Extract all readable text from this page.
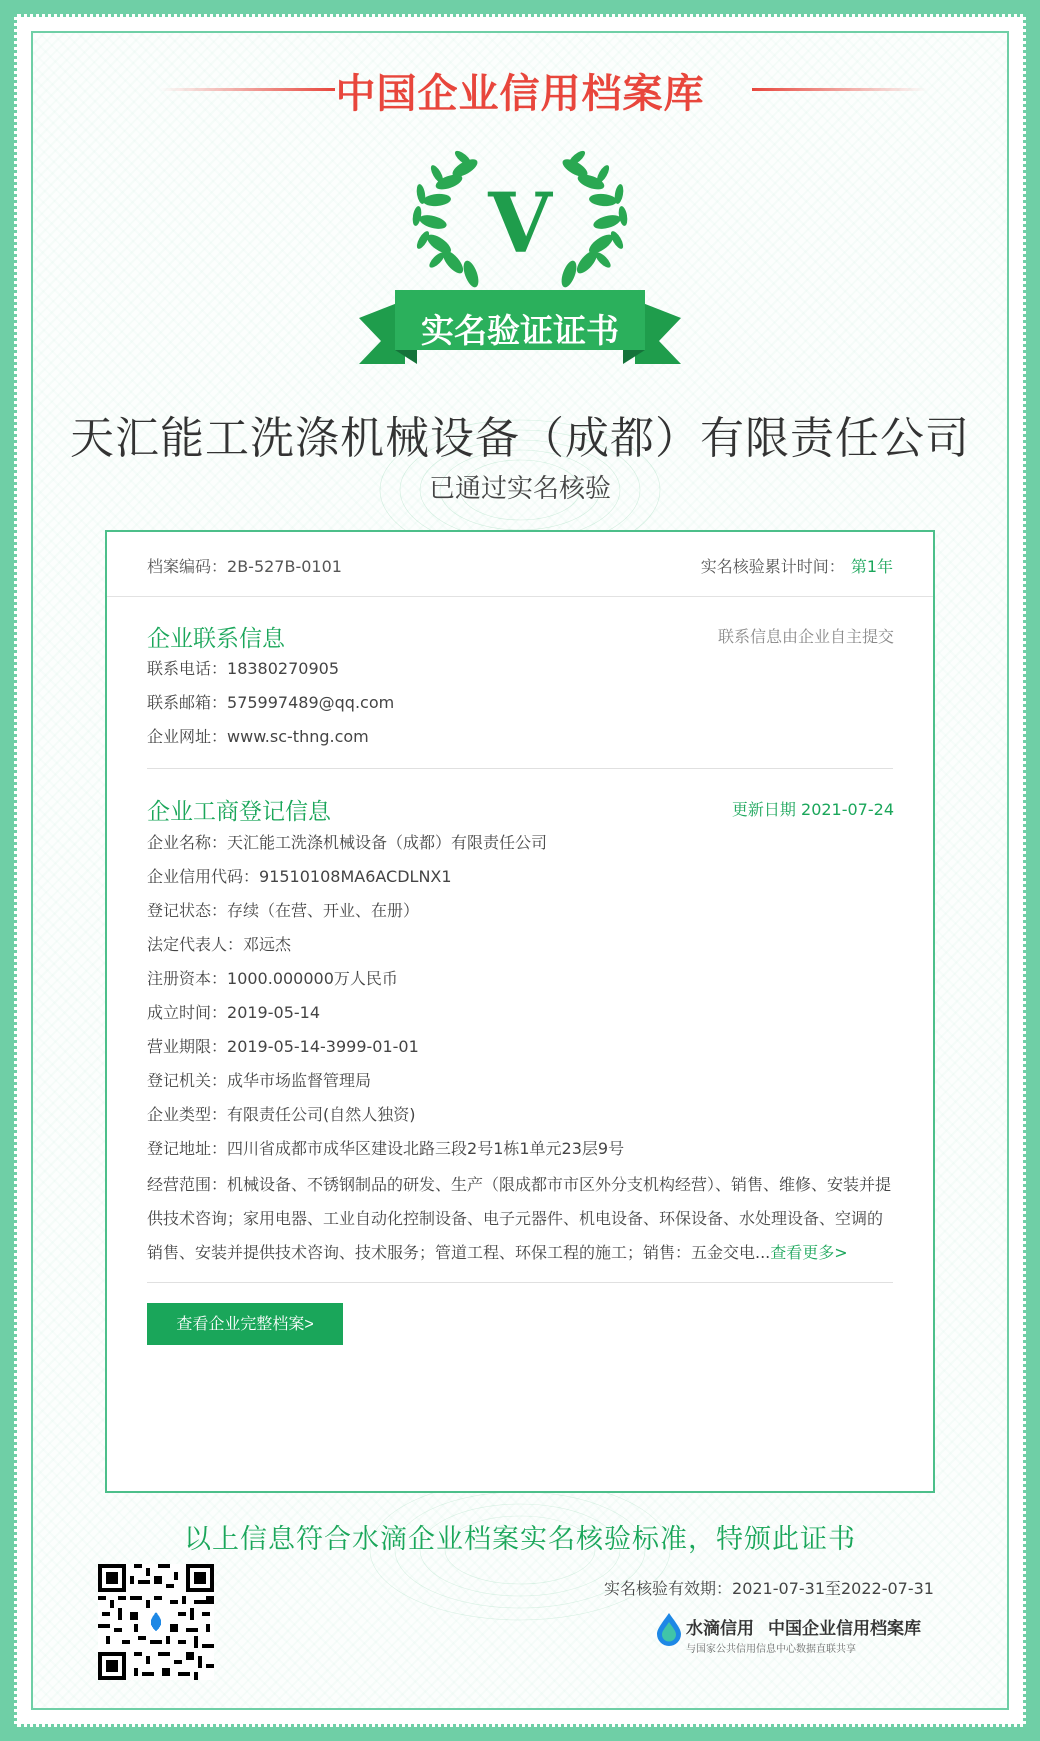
中国企业信用档案库
V
实名验证证书
天汇能工洗涤机械设备（成都）有限责任公司
已通过实名核验
档案编码：2B-527B-0101	实名核验累计时间： 第1年
企业联系信息	联系信息由企业自主提交
联系电话：18380270905
联系邮箱：575997489@qq.com
企业网址：www.sc-thng.com
企业工商登记信息	更新日期 2021-07-24
企业名称：天汇能工洗涤机械设备（成都）有限责任公司
企业信用代码：91510108MA6ACDLNX1
登记状态：存续（在营、开业、在册）
法定代表人：邓远杰
注册资本：1000.000000万人民币
成立时间：2019-05-14
营业期限：2019-05-14-3999-01-01
登记机关：成华市场监督管理局
企业类型：有限责任公司(自然人独资)
登记地址：四川省成都市成华区建设北路三段2号1栋1单元23层9号
经营范围：机械设备、不锈钢制品的研发、生产（限成都市市区外分支机构经营）、销售、维修、安装并提供技术咨询；家用电器、工业自动化控制设备、电子元器件、机电设备、环保设备、水处理设备、空调的销售、安装并提供技术咨询、技术服务；管道工程、环保工程的施工；销售：五金交电...查看更多>
查看企业完整档案>
以上信息符合水滴企业档案实名核验标准，特颁此证书
实名核验有效期：2021-07-31至2022-07-31
水滴信用 中国企业信用档案库
与国家公共信用信息中心数据直联共享
